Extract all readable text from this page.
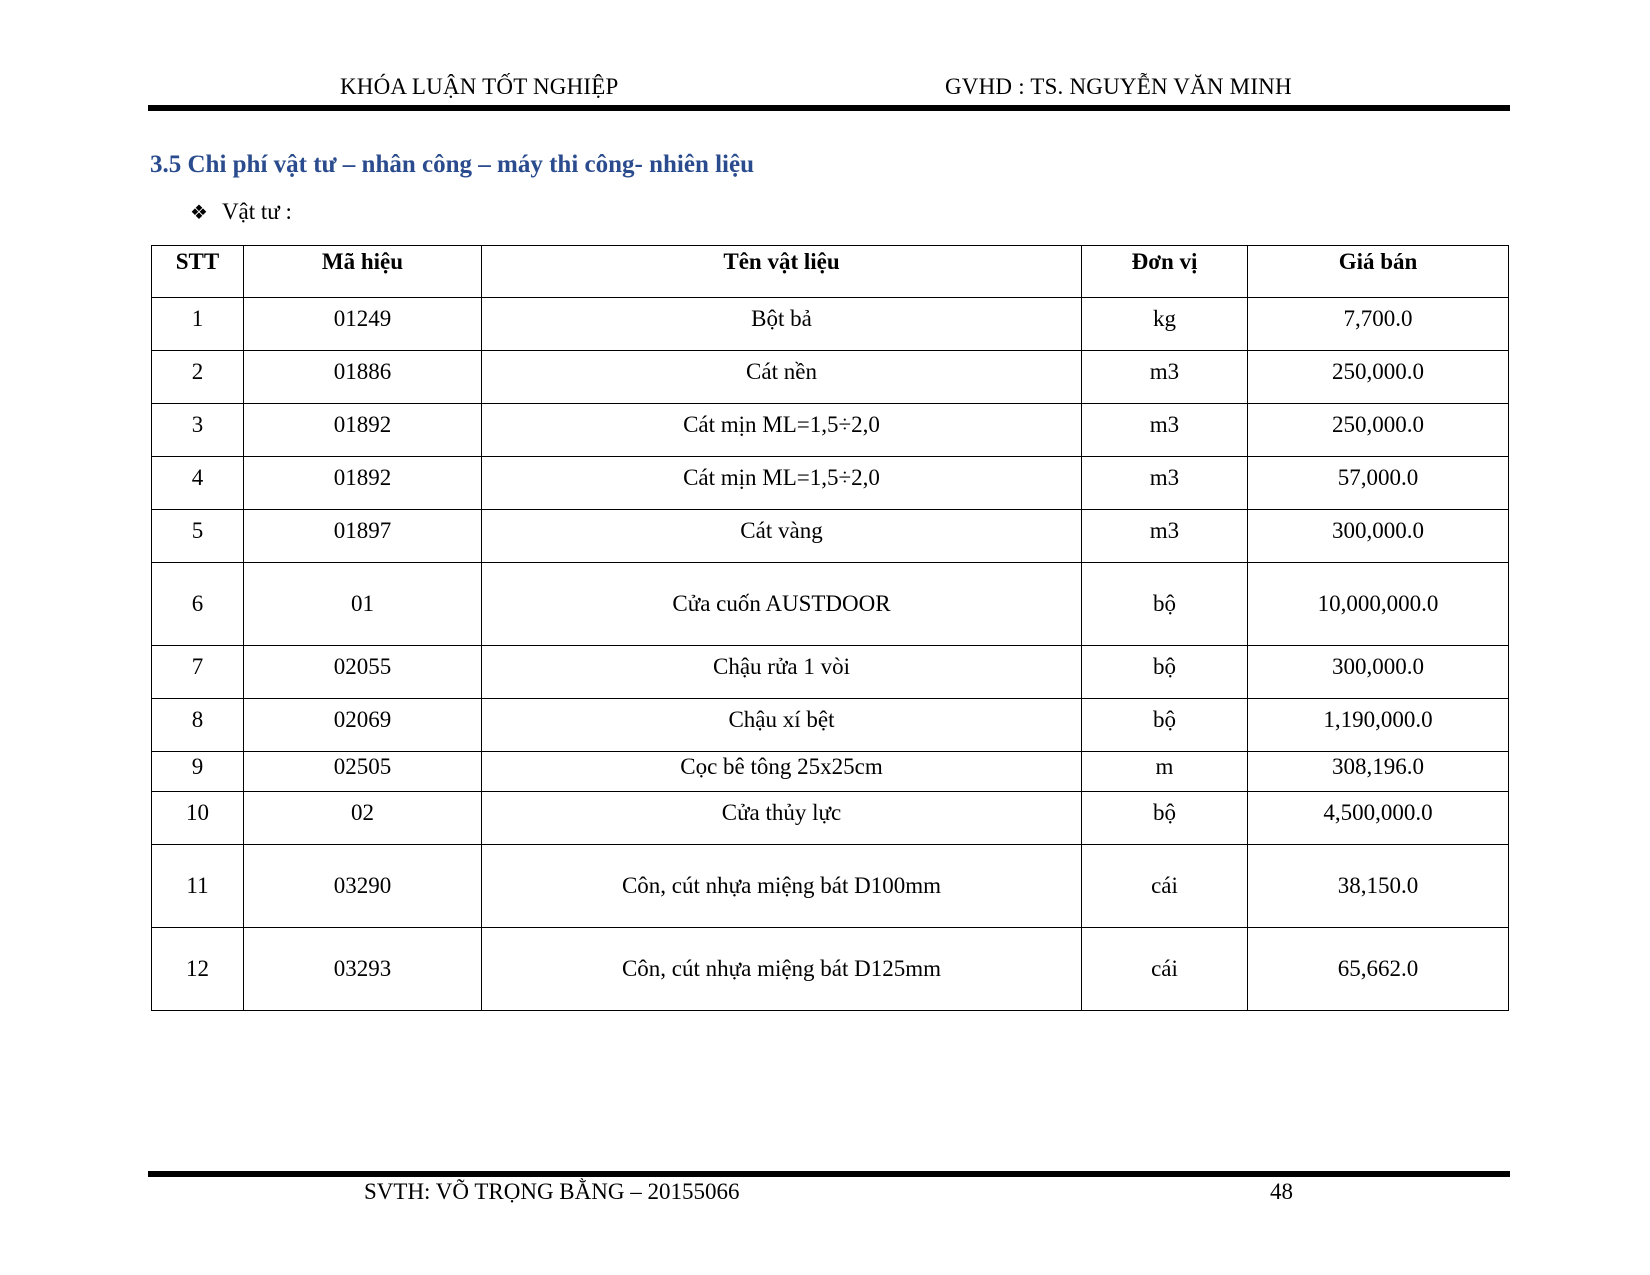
KHÓA LUẬN TỐT NGHIỆP	GVHD : TS. NGUYỄN VĂN MINH
3.5 Chi phí vật tư – nhân công – máy thi công- nhiên liệu
❖ Vật tư :
STT	Mã hiệu	Tên vật liệu	Đơn vị	Giá bán
1	01249	Bột bả	kg	7,700.0
2	01886	Cát nền	m3	250,000.0
3	01892	Cát mịn ML=1,5÷2,0	m3	250,000.0
4	01892	Cát mịn ML=1,5÷2,0	m3	57,000.0
5	01897	Cát vàng	m3	300,000.0
6	01	Cửa cuốn AUSTDOOR	bộ	10,000,000.0
7	02055	Chậu rửa 1 vòi	bộ	300,000.0
8	02069	Chậu xí bệt	bộ	1,190,000.0
9	02505	Cọc bê tông 25x25cm	m	308,196.0
10	02	Cửa thủy lực	bộ	4,500,000.0
11	03290	Côn, cút nhựa miệng bát D100mm	cái	38,150.0
12	03293	Côn, cút nhựa miệng bát D125mm	cái	65,662.0
SVTH: VÕ TRỌNG BẰNG – 20155066	48
